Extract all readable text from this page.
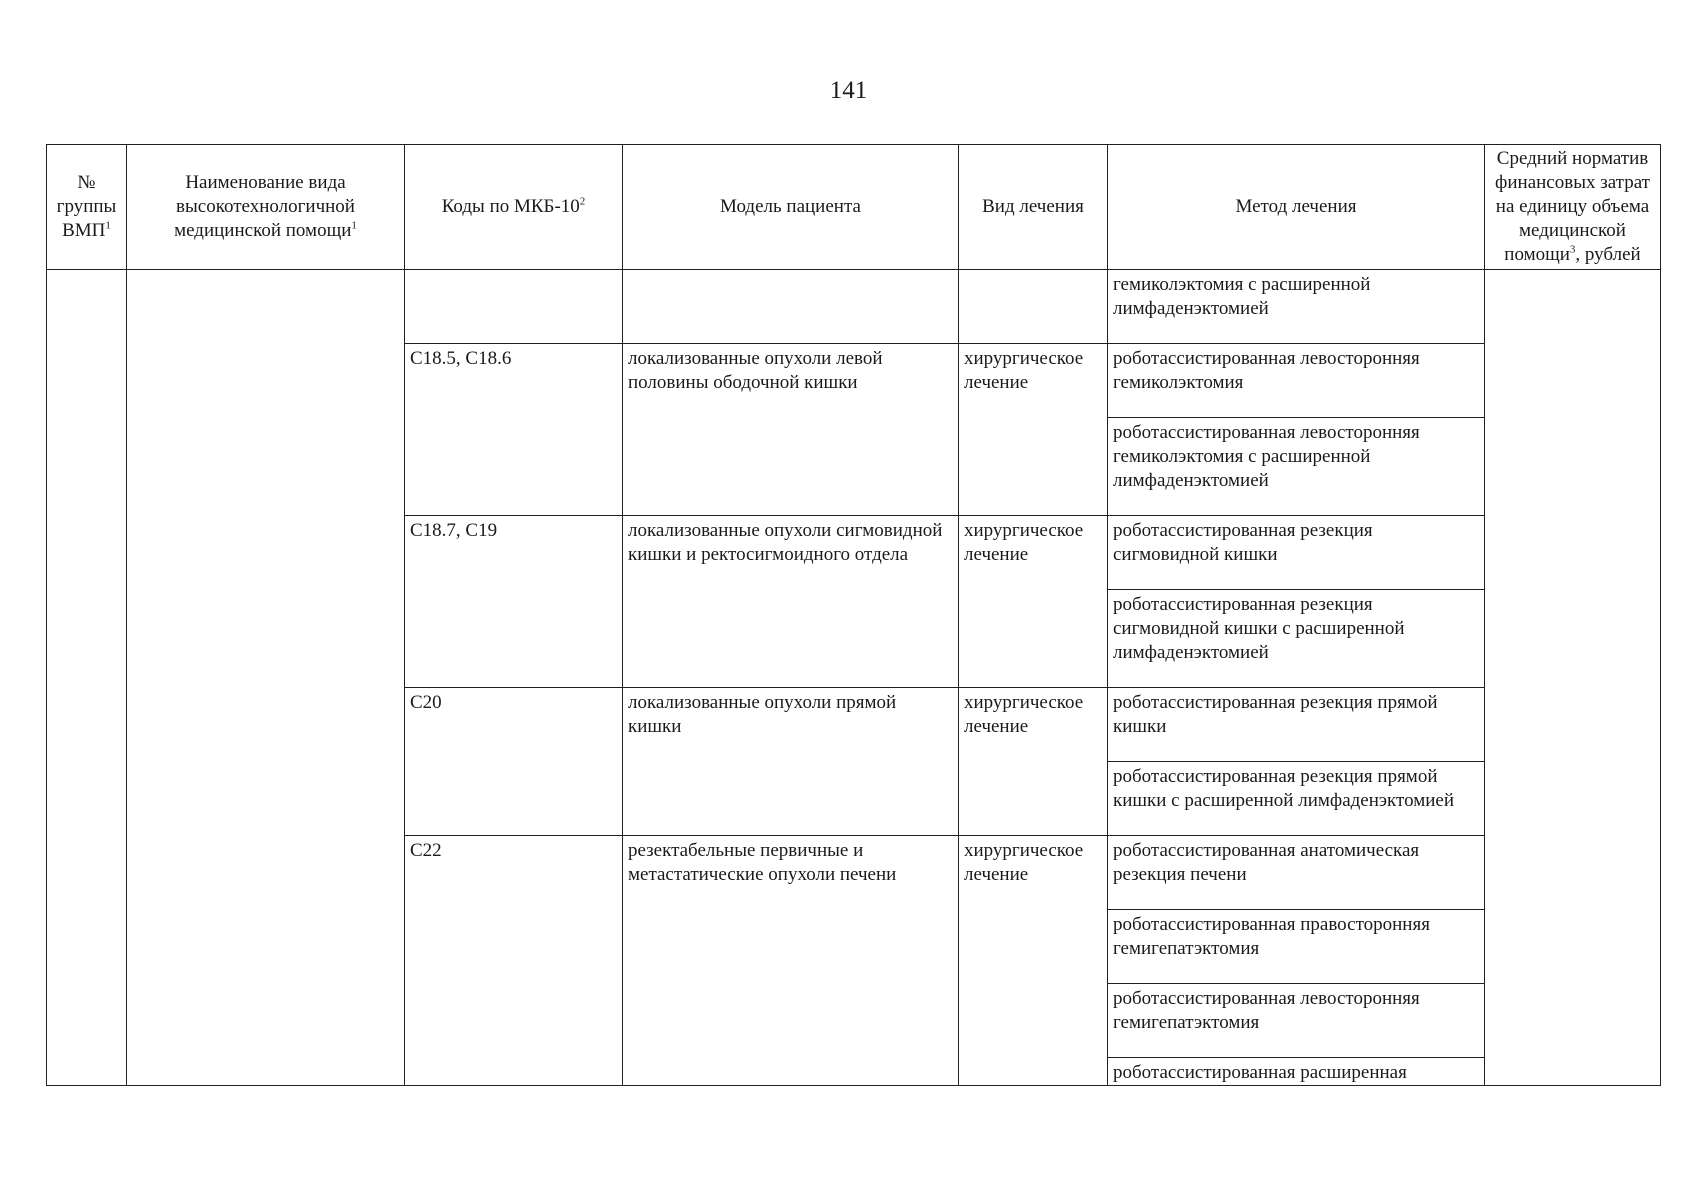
141
№ группы ВМП$^1$	Наименование вида высокотехнологичной медицинской помощи$^1$	Коды по МКБ-$10^2$	Модель пациента	Вид лечения	Метод лечения	Средний норматив финансовых затрат на единицу объема медицинской помощи$^3$, рублей

					гемиколэктомия с расширенной лимфаденэктомией	

		C18.5, C18.6	локализованные опухоли левой половины ободочной кишки	хирургическое лечение	роботассистированная левосторонняя гемиколэктомия
роботассистированная левосторонняя гемиколэктомия с расширенной лимфаденэктомией	

		C18.7, C19	локализованные опухоли сигмовидной кишки и ректосигмоидного отдела	хирургическое лечение	роботассистированная резекция сигмовидной кишки
роботассистированная резекция сигмовидной кишки с расширенной лимфаденэктомией	

		C20	локализованные опухоли прямой кишки	хирургическое лечение	роботассистированная резекция прямой кишки
роботассистированная резекция прямой кишки с расширенной лимфаденэктомией	

		C22	резектабельные первичные и метастатические опухоли печени	хирургическое лечение	роботассистированная анатомическая резекция печени
роботассистированная правосторонняя гемигепатэктомия
роботассистированная левосторонняя гемигепатэктомия
роботассистированная расширенная	
